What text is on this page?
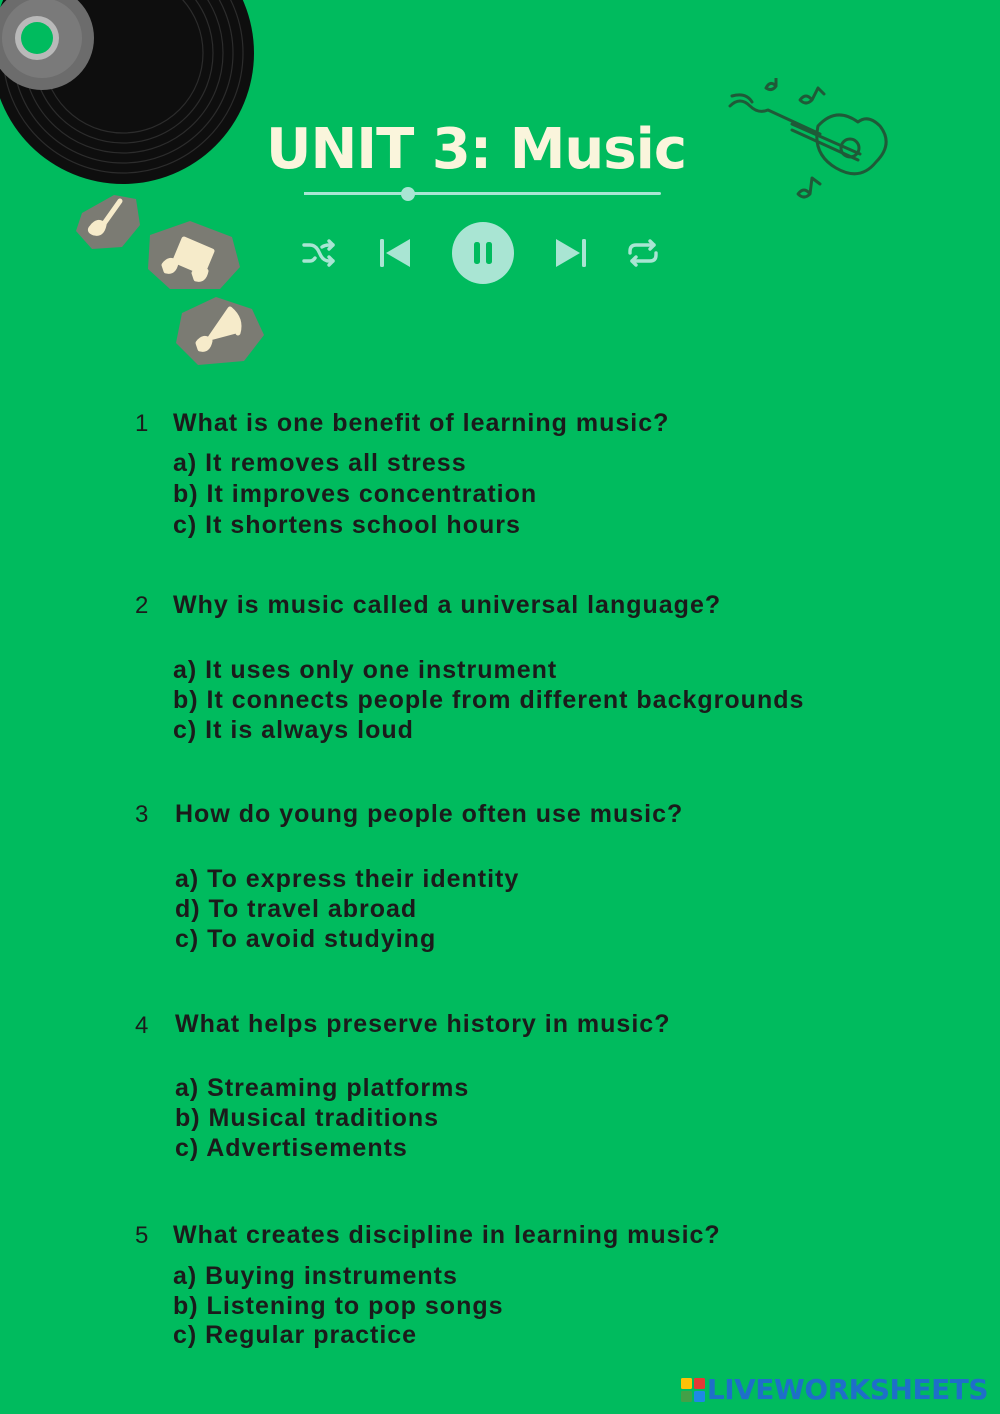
UNIT 3: Music
1 What is one benefit of learning music?
a) It removes all stress
b) It improves concentration
c) It shortens school hours
2 Why is music called a universal language?
a) It uses only one instrument
b) It connects people from different backgrounds
c) It is always loud
3 How do young people often use music?
a) To express their identity
d) To travel abroad
c) To avoid studying
4 What helps preserve history in music?
a) Streaming platforms
b) Musical traditions
c) Advertisements
5 What creates discipline in learning music?
a) Buying instruments
b) Listening to pop songs
c) Regular practice
LIVEWORKSHEETS
